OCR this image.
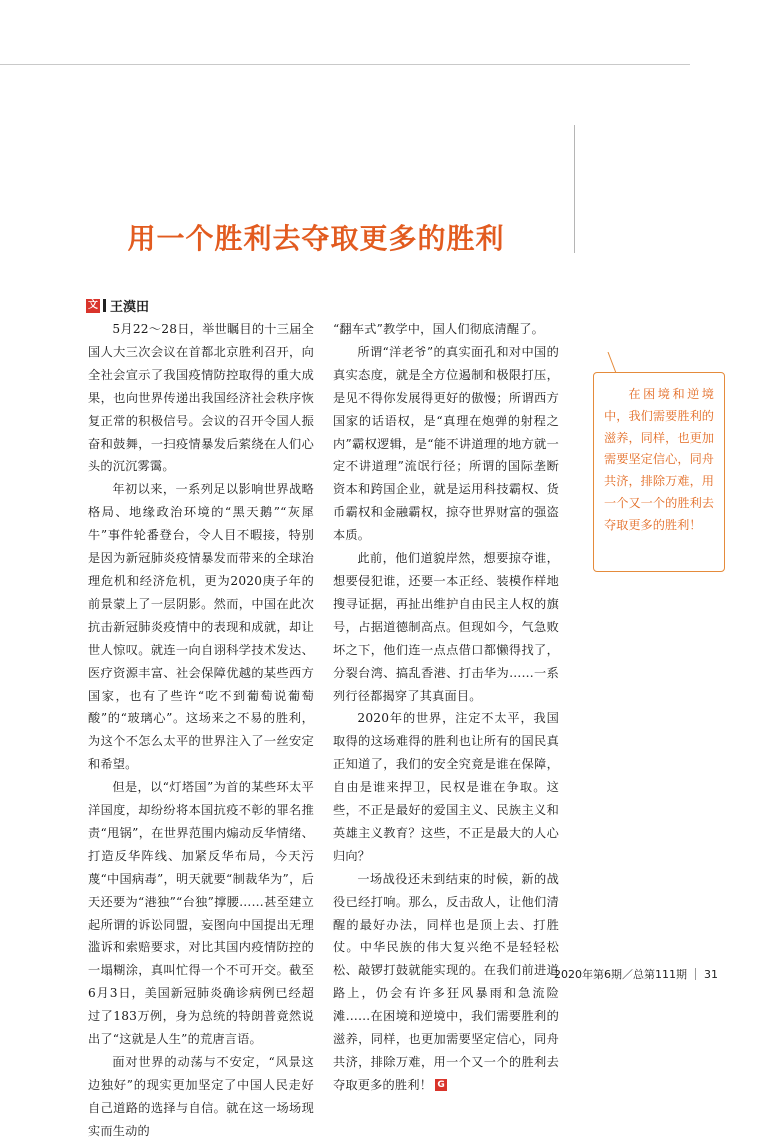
用一个胜利去夺取更多的胜利
文 王漠田

5月22～28日，举世瞩目的十三届全国人大三次会议在首都北京胜利召开，向全社会宣示了我国疫情防控取得的重大成果，也向世界传递出我国经济社会秩序恢复正常的积极信号。会议的召开令国人振奋和鼓舞，一扫疫情暴发后萦绕在人们心头的沉沉雾霭。

年初以来，一系列足以影响世界战略格局、地缘政治环境的“黑天鹅”“灰犀牛”事件轮番登台，令人目不暇接，特别是因为新冠肺炎疫情暴发而带来的全球治理危机和经济危机，更为2020庚子年的前景蒙上了一层阴影。然而，中国在此次抗击新冠肺炎疫情中的表现和成就，却让世人惊叹。就连一向自诩科学技术发达、医疗资源丰富、社会保障优越的某些西方国家，也有了些许“吃不到葡萄说葡萄酸”的“玻璃心”。这场来之不易的胜利，为这个不怎么太平的世界注入了一丝安定和希望。

但是，以“灯塔国”为首的某些环太平洋国度，却纷纷将本国抗疫不彰的罪名推责“甩锅”，在世界范围内煽动反华情绪、打造反华阵线、加紧反华布局，今天污蔑“中国病毒”，明天就要“制裁华为”，后天还要为“港独”“台独”撑腰……甚至建立起所谓的诉讼同盟，妄图向中国提出无理滥诉和索赔要求，对比其国内疫情防控的一塌糊涂，真叫忙得一个不可开交。截至6月3日，美国新冠肺炎确诊病例已经超过了183万例，身为总统的特朗普竟然说出了“这就是人生”的荒唐言语。

面对世界的动荡与不安定，“风景这边独好”的现实更加坚定了中国人民走好自己道路的选择与自信。就在这一场场现实而生动的

“翻车式”教学中，国人们彻底清醒了。

所谓“洋老爷”的真实面孔和对中国的真实态度，就是全方位遏制和极限打压，是见不得你发展得更好的傲慢；所谓西方国家的话语权，是“真理在炮弹的射程之内”霸权逻辑，是“能不讲道理的地方就一定不讲道理”流氓行径；所谓的国际垄断资本和跨国企业，就是运用科技霸权、货币霸权和金融霸权，掠夺世界财富的强盗本质。

此前，他们道貌岸然，想要掠夺谁，想要侵犯谁，还要一本正经、装模作样地搜寻证据，再扯出维护自由民主人权的旗号，占据道德制高点。但现如今，气急败坏之下，他们连一点点借口都懒得找了，分裂台湾、搞乱香港、打击华为……一系列行径都揭穿了其真面目。

2020年的世界，注定不太平，我国取得的这场难得的胜利也让所有的国民真正知道了，我们的安全究竟是谁在保障，自由是谁来捍卫，民权是谁在争取。这些，不正是最好的爱国主义、民族主义和英雄主义教育？这些，不正是最大的人心归向？

一场战役还未到结束的时候，新的战役已经打响。那么，反击敌人，让他们清醒的最好办法，同样也是顶上去、打胜仗。中华民族的伟大复兴绝不是轻轻松松、敲锣打鼓就能实现的。在我们前进道路上，仍会有许多狂风暴雨和急流险滩……在困境和逆境中，我们需要胜利的滋养，同样，也更加需要坚定信心，同舟共济，排除万难，用一个又一个的胜利去夺取更多的胜利！ G

在困境和逆境中，我们需要胜利的滋养，同样，也更加需要坚定信心，同舟共济，排除万难，用一个又一个的胜利去夺取更多的胜利！
2020年第6期／总第111期 31
